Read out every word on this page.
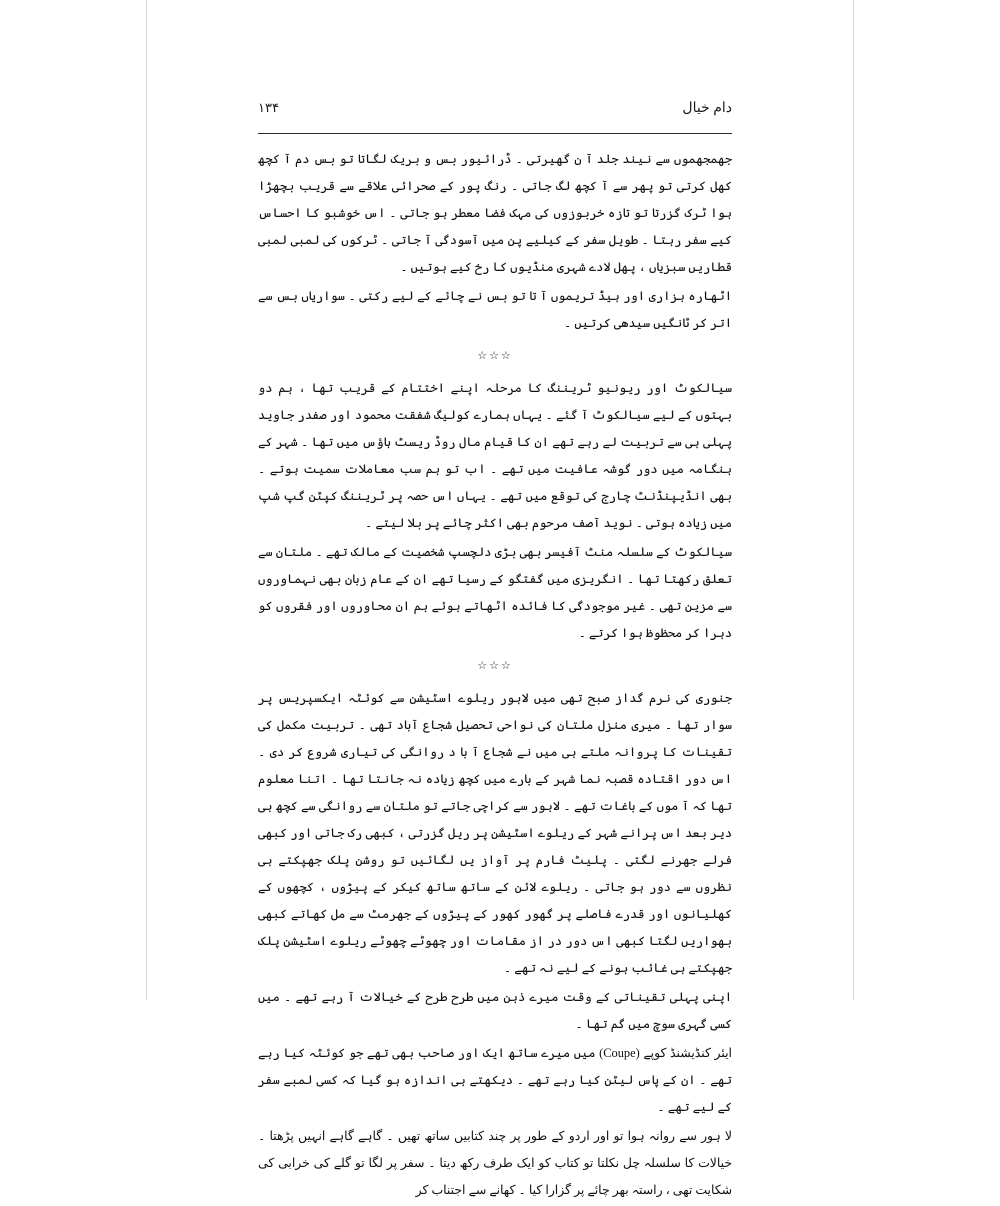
دام خیال
۱۳۴

جھمجھموں سے نیند جلد آ ن گھیرتی ۔ ڈرائیور بس و بریک لگاتا تو بس دم آ کچھ کھل کرتی تو پھر سے آ کچھ لگ جاتی ۔ رنگ پور کے صحرائی علاقے سے قریب بچھڑا ہوا ٹرک گزرتا تو تازہ خربوزوں کی مہک فضا معطر ہو جاتی ۔ اس خوشبو کا احساس کیے سفر رہتا ۔ طویل سفر کے کیلیے پن میں آسودگی آ جاتی ۔ ٹرکوں کی لمبی لمبی قطاریں سبزیاں ، پھل لادے شہری منڈیوں کا رخ کیے ہوتیں ۔

اٹھارہ ہزاری اور ہیڈ تریموں آ تا تو بس نے چائے کے لیے رکتی ۔ سواریاں بس سے اتر کر ٹانگیں سیدھی کرتیں ۔

☆☆☆

سیالکوٹ اور ریونیو ٹریننگ کا مرحلہ اپنے اختتام کے قریب تھا ، ہم دو بہتوں کے لیے سیالکوٹ آ گئے ۔ یہاں ہمارے کولیگ شفقت محمود اور صفدر جاوید پہلی ہی سے تربیت لے رہے تھے ان کا قیام مال روڈ ریسٹ ہاؤس میں تھا ۔ شہر کے ہنگامہ میں دور گوشہ عافیت میں تھے ۔ اب تو ہم سب معاملات سمیت ہوتے ۔ بھی انڈیپنڈنٹ چارج کی توقع میں تھے ۔ یہاں اس حصہ پر ٹریننگ کپٹن گپ شپ میں زیادہ ہوتی ۔ نوید آصف مرحوم بھی اکثر چائے پر بلا لیتے ۔

سیالکوٹ کے سلسلہ منٹ آفیسر بھی بڑی دلچسپ شخصیت کے مالک تھے ۔ ملتان سے تعلق رکھتا تھا ۔ انگریزی میں گفتگو کے رسیا تھے ان کے عام زبان بھی نہماوروں سے مزین تھی ۔ غیر موجودگی کا فائدہ اٹھاتے ہوئے ہم ان محاوروں اور فقروں کو دہرا کر محظوظ ہوا کرتے ۔

☆☆☆

جنوری کی نرم گداز صبح تھی میں لاہور ریلوے اسٹیشن سے کوئٹہ ایکسپریس پر سوار تھا ۔ میری منزل ملتان کی نواحی تحصیل شجاع آباد تھی ۔ تربیت مکمل کی تقینات کا پروانہ ملتے ہی میں نے شجاع آ با د روانگی کی تیاری شروع کر دی ۔ اس دور اقتادہ قصبہ نما شہر کے بارے میں کچھ زیادہ نہ جانتا تھا ۔ اتنا معلوم تھا کہ آ موں کے باغات تھے ۔ لاہور سے کراچی جاتے تو ملتان سے روانگی سے کچھ ہی دیر بعد اس پرانے شہر کے ریلوے اسٹیشن پر ریل گزرتی ، کبھی رک جاتی اور کبھی فرلے جھرنے لگتی ۔ پلیٹ فارم پر آواز یں لگائیں تو روشن پلک جھپکتے ہی نظروں سے دور ہو جاتی ۔ ریلوے لائن کے ساتھ ساتھ کیکر کے پیڑوں ، کچھوں کے کھلیانوں اور قدرے فاصلے پر گھور کھور کے پیڑوں کے جھرمٹ سے مل کھاتے کبھی بھواریں لگتا کبھی اس دور در از مقامات اور چھوٹے چھوٹے ریلوے اسٹیشن پلک جھپکتے ہی غائب ہونے کے لیے نہ تھے ۔

اپنی پہلی تقیناتی کے وقت میرے ذہن میں طرح طرح کے خیالات آ رہے تھے ۔ میں کسی گہری سوچ میں گم تھا ۔

ایئر کنڈیشنڈ کوپے (Coupe) میں میرے ساتھ ایک اور صاحب بھی تھے جو کوئٹہ کیا رہے تھے ۔ ان کے پاس لیٹن کیا رہے تھے ۔ دیکھتے ہی اندازہ ہو گیا کہ کسی لمبے سفر کے لیے تھے ۔

لا ہور سے روانہ ہوا تو اور اردو کے طور پر چند کتابیں ساتھ تھیں ۔ گاہے گاہے انہیں پڑھتا ۔ خیالات کا سلسلہ چل نکلتا تو کتاب کو ایک طرف رکھ دیتا ۔ سفر پر لگا تو گلے کی خرابی کی شکایت تھی ، راستہ بھر چائے پر گزارا کیا ۔ کھانے سے اجتناب کر
